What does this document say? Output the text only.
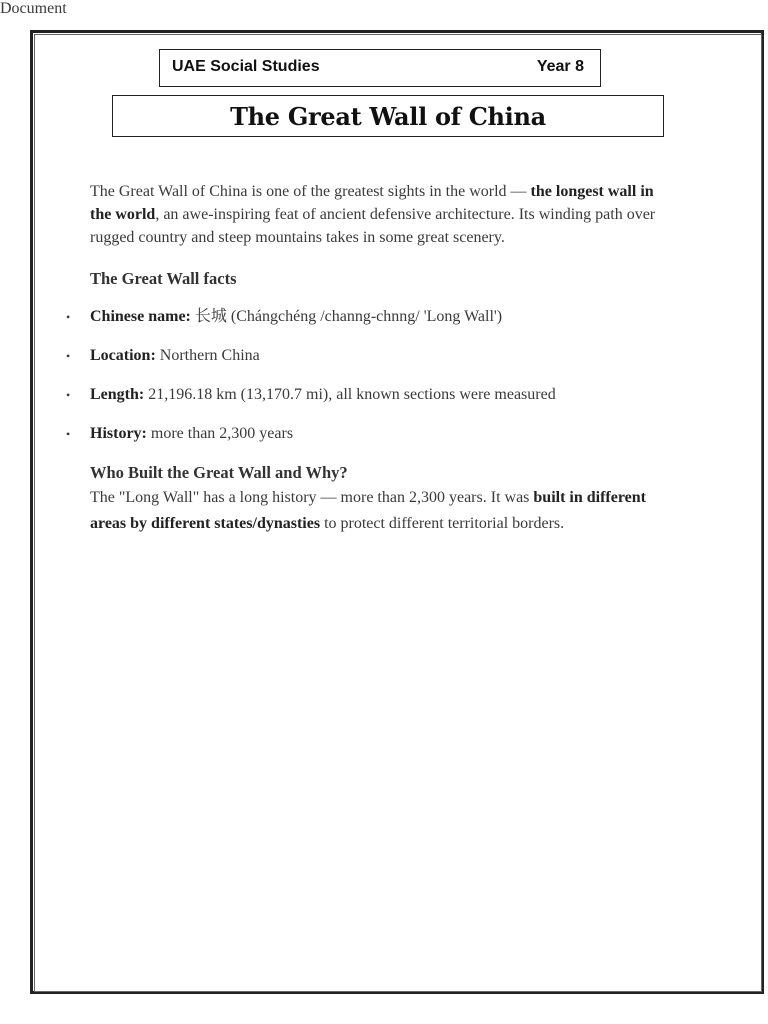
Document
UAE Social Studies	Year 8
The Great Wall of China

The Great Wall of China is one of the greatest sights in the world — the longest wall in the world, an awe-inspiring feat of ancient defensive architecture. Its winding path over rugged country and steep mountains takes in some great scenery.

The Great Wall facts
• Chinese name: 长城 (Chángchéng /channg-chnng/ 'Long Wall')
• Location: Northern China
• Length: 21,196.18 km (13,170.7 mi), all known sections were measured
• History: more than 2,300 years
Who Built the Great Wall and Why?

The "Long Wall" has a long history — more than 2,300 years. It was built in different areas by different states/dynasties to protect different territorial borders.
